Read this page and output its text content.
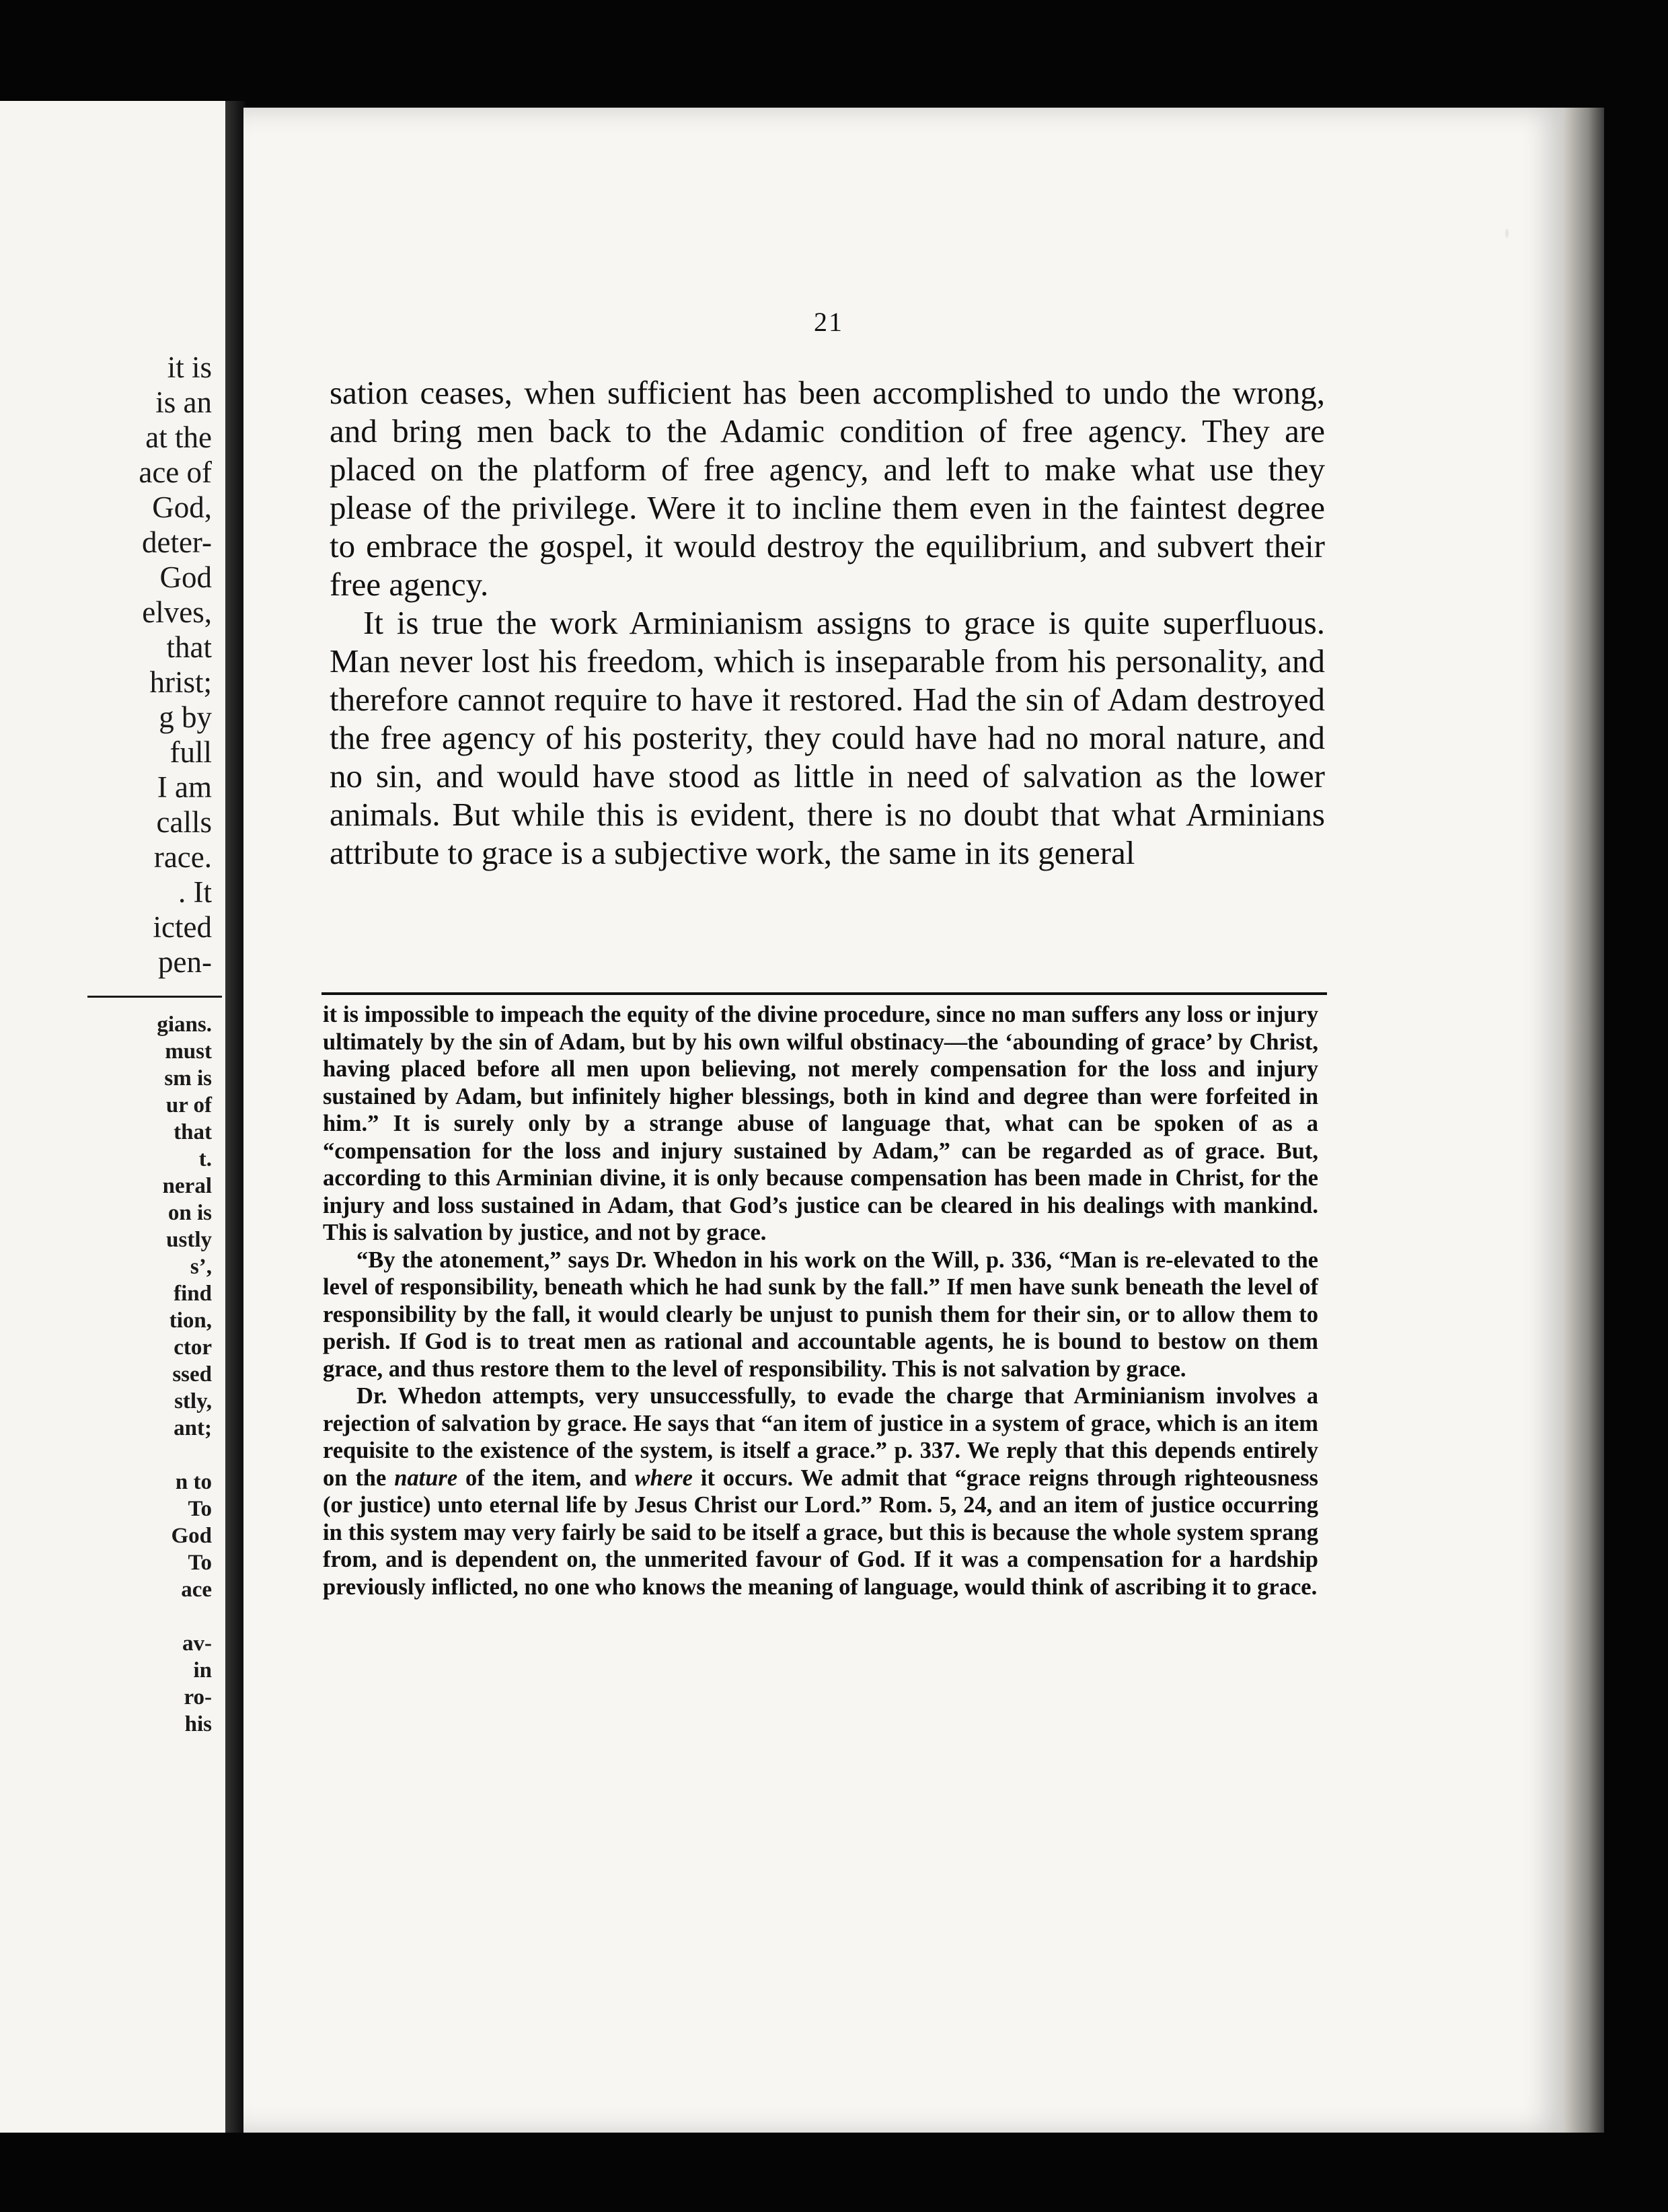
it is
is an
at the
ace of
God,
deter-
God
elves,
that
hrist;
g by
full
I am
calls
race.
. It
icted
pen-
gians.
must
sm is
ur of
that
t.
neral
on is
ustly
s’,
find
tion,
ctor
ssed
stly,
ant;
n to
To
God
To
ace
av-
in
ro-
his
21

sation ceases, when sufficient has been accomplished to undo the wrong, and bring men back to the Adamic condition of free agency. They are placed on the platform of free agency, and left to make what use they please of the privilege. Were it to incline them even in the faintest degree to embrace the gospel, it would destroy the equilibrium, and subvert their free agency.

It is true the work Arminianism assigns to grace is quite superfluous. Man never lost his freedom, which is inseparable from his personality, and therefore cannot require to have it restored. Had the sin of Adam destroyed the free agency of his posterity, they could have had no moral nature, and no sin, and would have stood as little in need of salvation as the lower animals. But while this is evident, there is no doubt that what Arminians attribute to grace is a subjective work, the same in its general

it is impossible to impeach the equity of the divine procedure, since no man suffers any loss or injury ultimately by the sin of Adam, but by his own wilful obstinacy—the ‘abounding of grace’ by Christ, having placed before all men upon believing, not merely compensation for the loss and injury sustained by Adam, but infinitely higher blessings, both in kind and degree than were forfeited in him.” It is surely only by a strange abuse of language that, what can be spoken of as a “compensation for the loss and injury sustained by Adam,” can be regarded as of grace. But, according to this Arminian divine, it is only because compensation has been made in Christ, for the injury and loss sustained in Adam, that God’s justice can be cleared in his dealings with mankind. This is salvation by justice, and not by grace.

“By the atonement,” says Dr. Whedon in his work on the Will, p. 336, “Man is re-elevated to the level of responsibility, beneath which he had sunk by the fall.” If men have sunk beneath the level of responsibility by the fall, it would clearly be unjust to punish them for their sin, or to allow them to perish. If God is to treat men as rational and accountable agents, he is bound to bestow on them grace, and thus restore them to the level of responsibility. This is not salvation by grace.

Dr. Whedon attempts, very unsuccessfully, to evade the charge that Arminianism involves a rejection of salvation by grace. He says that “an item of justice in a system of grace, which is an item requisite to the existence of the system, is itself a grace.” p. 337. We reply that this depends entirely on the nature of the item, and where it occurs. We admit that “grace reigns through righteousness (or justice) unto eternal life by Jesus Christ our Lord.” Rom. 5, 24, and an item of justice occurring in this system may very fairly be said to be itself a grace, but this is because the whole system sprang from, and is dependent on, the unmerited favour of God. If it was a compensation for a hardship previously inflicted, no one who knows the meaning of language, would think of ascribing it to grace.
